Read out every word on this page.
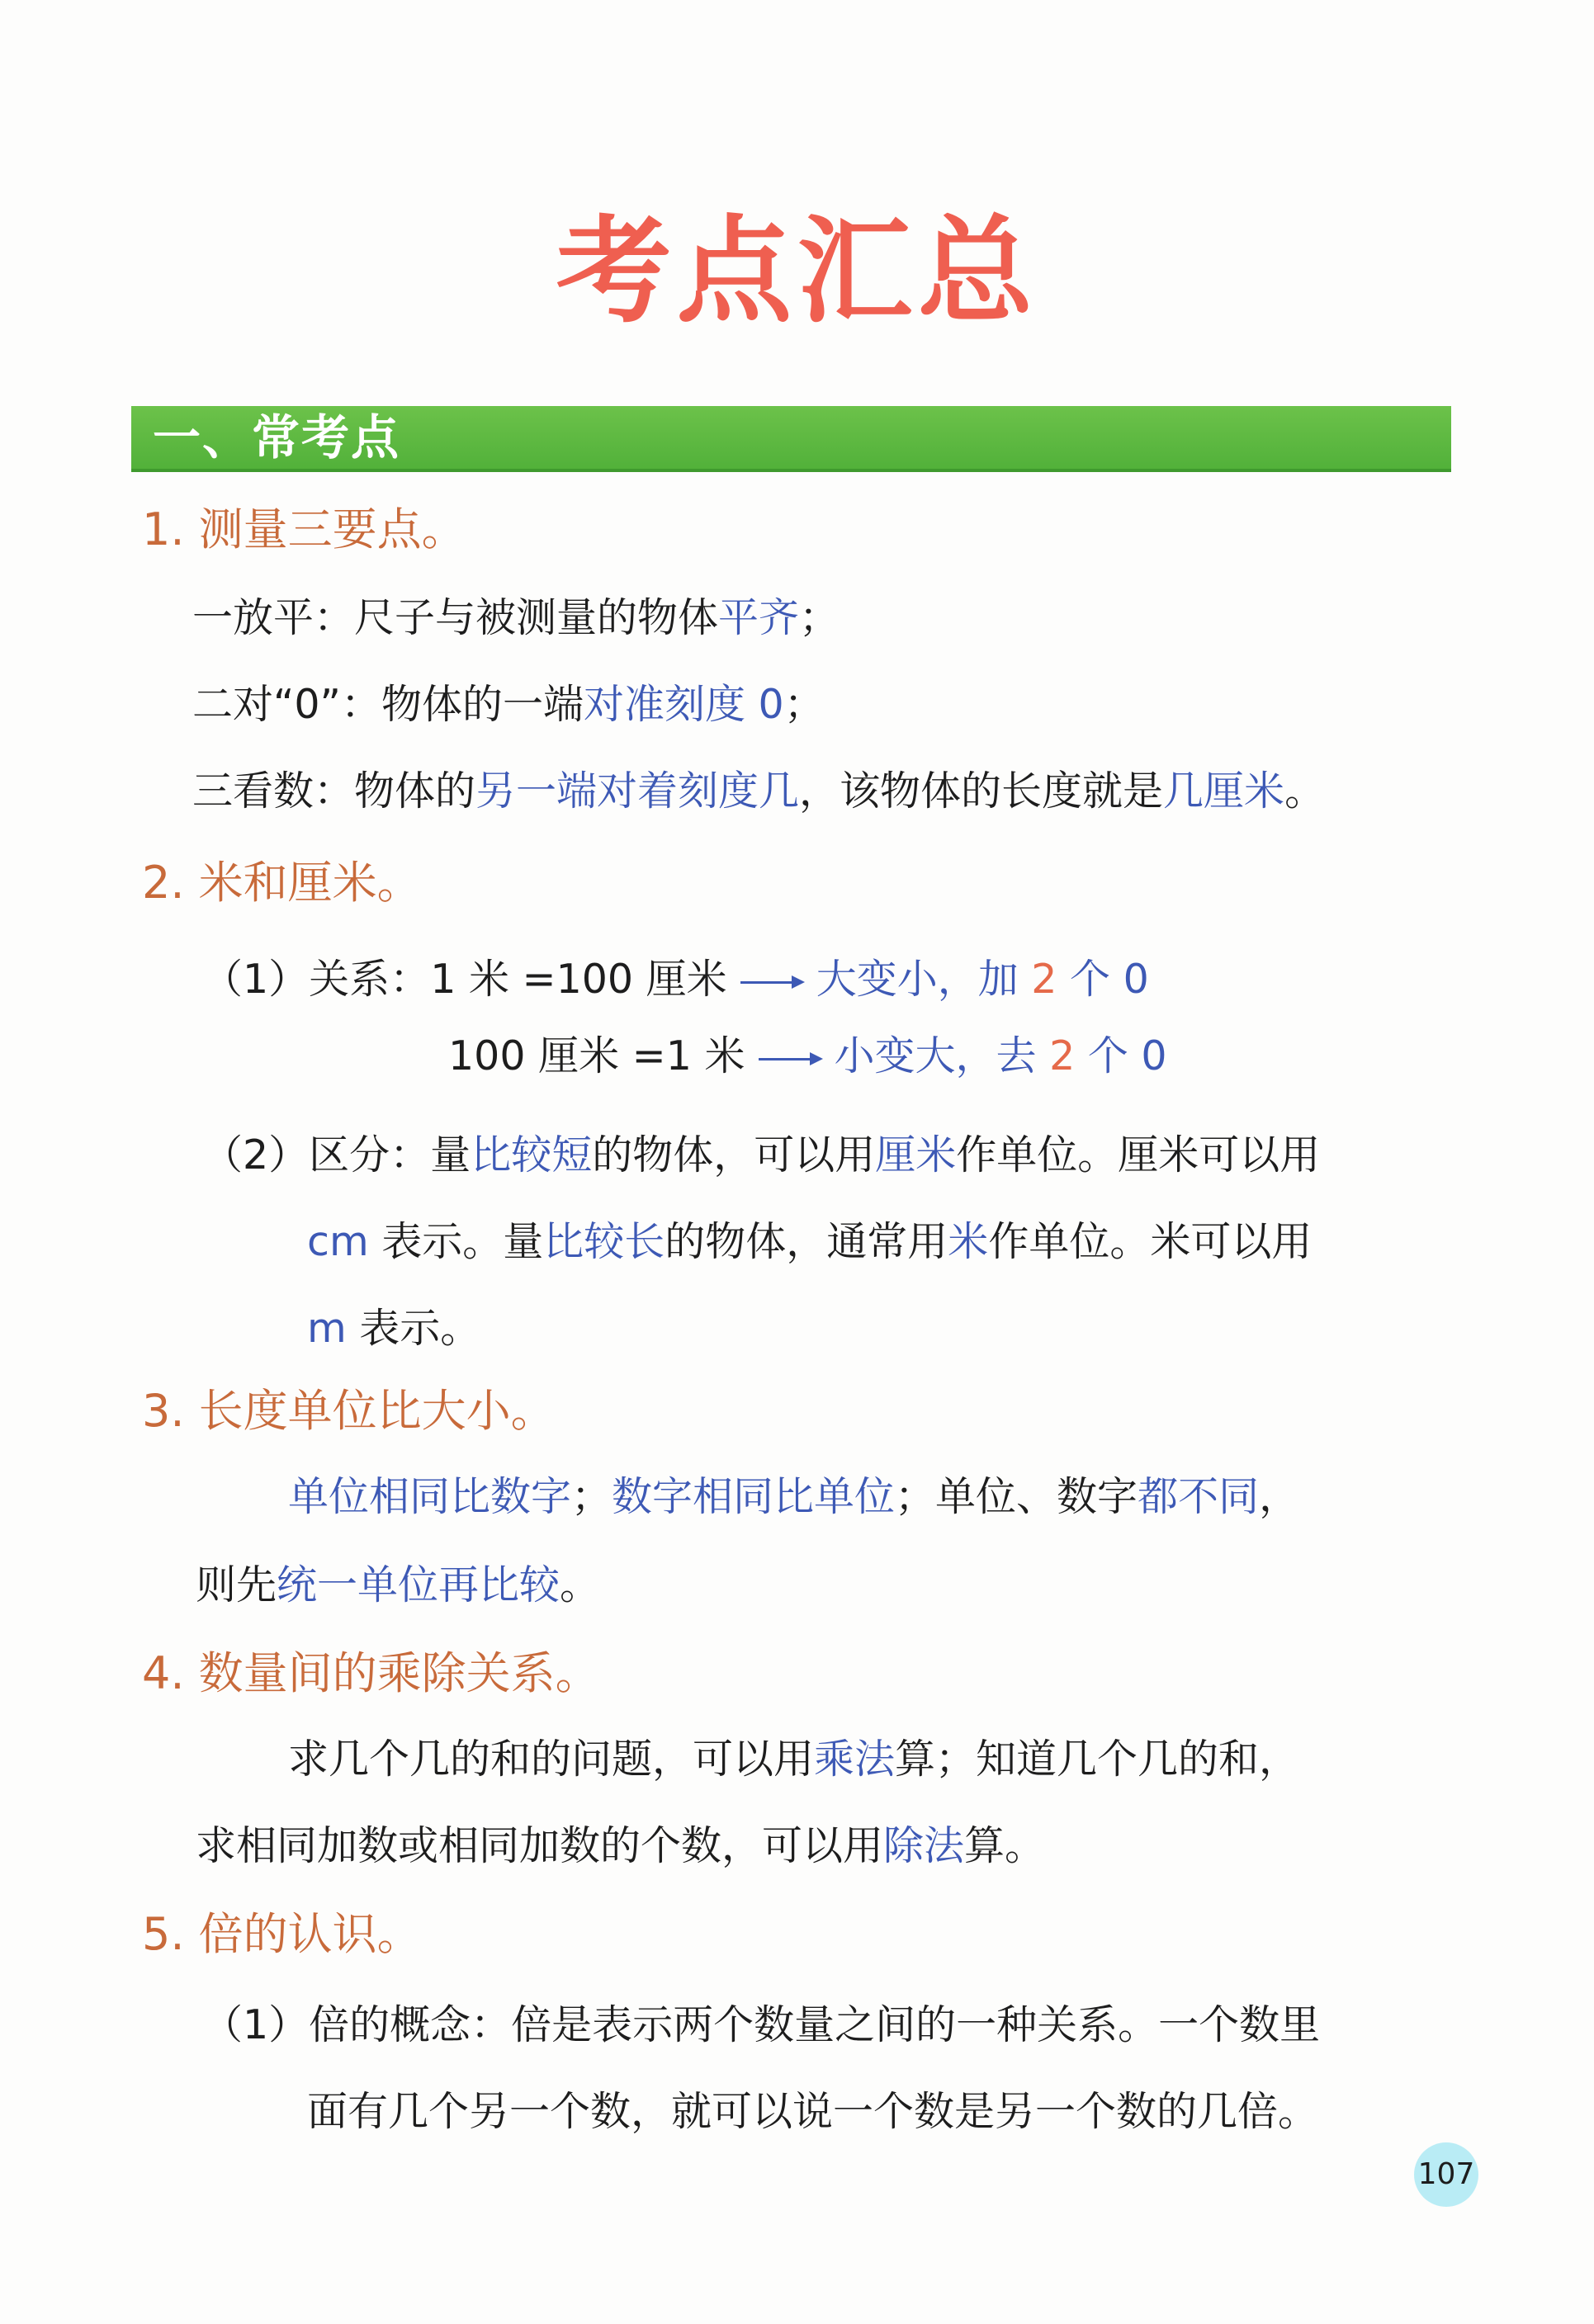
考点汇总
一、常考点
1. 测量三要点。
一放平：尺子与被测量的物体平齐；
二对“0”：物体的一端对准刻度 0；
三看数：物体的另一端对着刻度几，该物体的长度就是几厘米。
2. 米和厘米。
（1）关系：1 米 =100 厘米 大变小，加 2 个 0
100 厘米 =1 米 小变大，去 2 个 0
（2）区分：量比较短的物体，可以用厘米作单位。厘米可以用
cm 表示。量比较长的物体，通常用米作单位。米可以用
m 表示。
3. 长度单位比大小。
单位相同比数字；数字相同比单位；单位、数字都不同，
则先统一单位再比较。
4. 数量间的乘除关系。
求几个几的和的问题，可以用乘法算；知道几个几的和，
求相同加数或相同加数的个数，可以用除法算。
5. 倍的认识。
（1）倍的概念：倍是表示两个数量之间的一种关系。一个数里
面有几个另一个数，就可以说一个数是另一个数的几倍。
107
